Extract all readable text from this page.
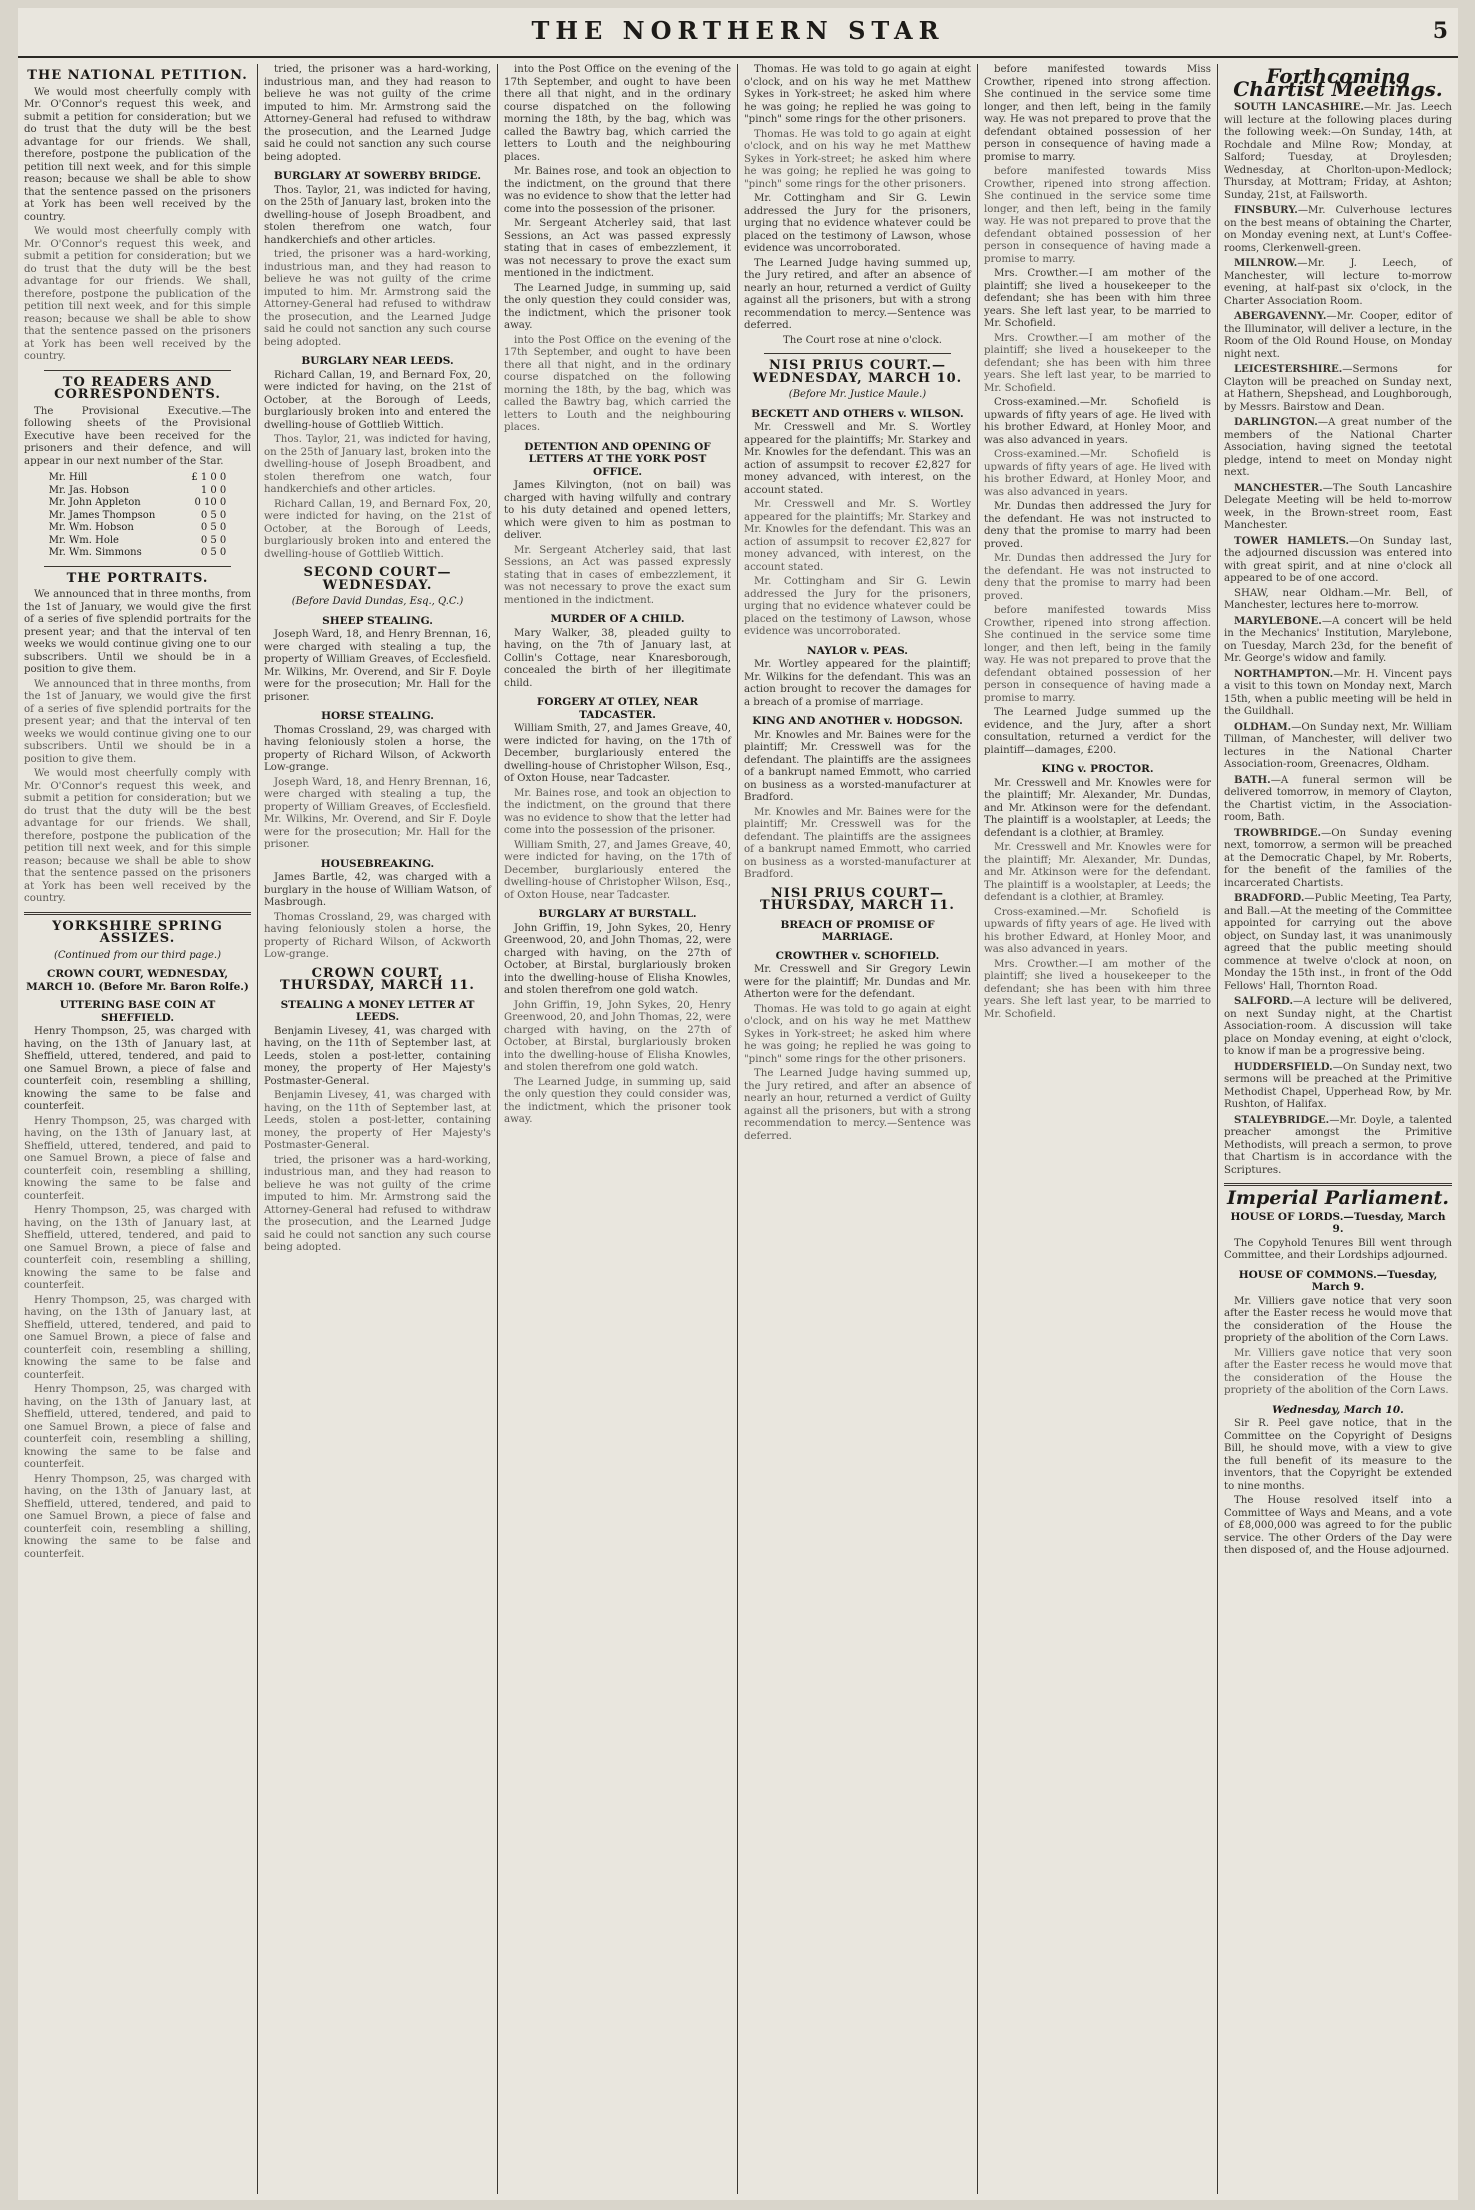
THE NORTHERN STAR	5
THE NATIONAL PETITION.

We would most cheerfully comply with Mr. O'Connor's request this week, and submit a petition for consideration; but we do trust that the duty will be the best advantage for our friends. We shall, therefore, postpone the publication of the petition till next week, and for this simple reason; because we shall be able to show that the sentence passed on the prisoners at York has been well received by the country.

We would most cheerfully comply with Mr. O'Connor's request this week, and submit a petition for consideration; but we do trust that the duty will be the best advantage for our friends. We shall, therefore, postpone the publication of the petition till next week, and for this simple reason; because we shall be able to show that the sentence passed on the prisoners at York has been well received by the country.

TO READERS AND CORRESPONDENTS.

The Provisional Executive.—The following sheets of the Provisional Executive have been received for the prisoners and their defence, and will appear in our next number of the Star.

Mr. Hill	£ 1 0 0
Mr. Jas. Hobson	1 0 0
Mr. John Appleton	0 10 0
Mr. James Thompson	0 5 0
Mr. Wm. Hobson	0 5 0
Mr. Wm. Hole	0 5 0
Mr. Wm. Simmons	0 5 0
THE PORTRAITS.

We announced that in three months, from the 1st of January, we would give the first of a series of five splendid portraits for the present year; and that the interval of ten weeks we would continue giving one to our subscribers. Until we should be in a position to give them.

We announced that in three months, from the 1st of January, we would give the first of a series of five splendid portraits for the present year; and that the interval of ten weeks we would continue giving one to our subscribers. Until we should be in a position to give them.

We would most cheerfully comply with Mr. O'Connor's request this week, and submit a petition for consideration; but we do trust that the duty will be the best advantage for our friends. We shall, therefore, postpone the publication of the petition till next week, and for this simple reason; because we shall be able to show that the sentence passed on the prisoners at York has been well received by the country.

YORKSHIRE SPRING ASSIZES.
(Continued from our third page.)
CROWN COURT, WEDNESDAY, MARCH 10. (Before Mr. Baron Rolfe.)
UTTERING BASE COIN AT SHEFFIELD.

Henry Thompson, 25, was charged with having, on the 13th of January last, at Sheffield, uttered, tendered, and paid to one Samuel Brown, a piece of false and counterfeit coin, resembling a shilling, knowing the same to be false and counterfeit.

Henry Thompson, 25, was charged with having, on the 13th of January last, at Sheffield, uttered, tendered, and paid to one Samuel Brown, a piece of false and counterfeit coin, resembling a shilling, knowing the same to be false and counterfeit.

Henry Thompson, 25, was charged with having, on the 13th of January last, at Sheffield, uttered, tendered, and paid to one Samuel Brown, a piece of false and counterfeit coin, resembling a shilling, knowing the same to be false and counterfeit.

Henry Thompson, 25, was charged with having, on the 13th of January last, at Sheffield, uttered, tendered, and paid to one Samuel Brown, a piece of false and counterfeit coin, resembling a shilling, knowing the same to be false and counterfeit.

Henry Thompson, 25, was charged with having, on the 13th of January last, at Sheffield, uttered, tendered, and paid to one Samuel Brown, a piece of false and counterfeit coin, resembling a shilling, knowing the same to be false and counterfeit.

Henry Thompson, 25, was charged with having, on the 13th of January last, at Sheffield, uttered, tendered, and paid to one Samuel Brown, a piece of false and counterfeit coin, resembling a shilling, knowing the same to be false and counterfeit.

tried, the prisoner was a hard-working, industrious man, and they had reason to believe he was not guilty of the crime imputed to him. Mr. Armstrong said the Attorney-General had refused to withdraw the prosecution, and the Learned Judge said he could not sanction any such course being adopted.

BURGLARY AT SOWERBY BRIDGE.

Thos. Taylor, 21, was indicted for having, on the 25th of January last, broken into the dwelling-house of Joseph Broadbent, and stolen therefrom one watch, four handkerchiefs and other articles.

tried, the prisoner was a hard-working, industrious man, and they had reason to believe he was not guilty of the crime imputed to him. Mr. Armstrong said the Attorney-General had refused to withdraw the prosecution, and the Learned Judge said he could not sanction any such course being adopted.

BURGLARY NEAR LEEDS.

Richard Callan, 19, and Bernard Fox, 20, were indicted for having, on the 21st of October, at the Borough of Leeds, burglariously broken into and entered the dwelling-house of Gottlieb Wittich.

Thos. Taylor, 21, was indicted for having, on the 25th of January last, broken into the dwelling-house of Joseph Broadbent, and stolen therefrom one watch, four handkerchiefs and other articles.

Richard Callan, 19, and Bernard Fox, 20, were indicted for having, on the 21st of October, at the Borough of Leeds, burglariously broken into and entered the dwelling-house of Gottlieb Wittich.

SECOND COURT—WEDNESDAY.
(Before David Dundas, Esq., Q.C.)
SHEEP STEALING.

Joseph Ward, 18, and Henry Brennan, 16, were charged with stealing a tup, the property of William Greaves, of Ecclesfield. Mr. Wilkins, Mr. Overend, and Sir F. Doyle were for the prosecution; Mr. Hall for the prisoner.

HORSE STEALING.

Thomas Crossland, 29, was charged with having feloniously stolen a horse, the property of Richard Wilson, of Ackworth Low-grange.

Joseph Ward, 18, and Henry Brennan, 16, were charged with stealing a tup, the property of William Greaves, of Ecclesfield. Mr. Wilkins, Mr. Overend, and Sir F. Doyle were for the prosecution; Mr. Hall for the prisoner.

HOUSEBREAKING.

James Bartle, 42, was charged with a burglary in the house of William Watson, of Masbrough.

Thomas Crossland, 29, was charged with having feloniously stolen a horse, the property of Richard Wilson, of Ackworth Low-grange.

CROWN COURT, THURSDAY, MARCH 11.
STEALING A MONEY LETTER AT LEEDS.

Benjamin Livesey, 41, was charged with having, on the 11th of September last, at Leeds, stolen a post-letter, containing money, the property of Her Majesty's Postmaster-General.

Benjamin Livesey, 41, was charged with having, on the 11th of September last, at Leeds, stolen a post-letter, containing money, the property of Her Majesty's Postmaster-General.

tried, the prisoner was a hard-working, industrious man, and they had reason to believe he was not guilty of the crime imputed to him. Mr. Armstrong said the Attorney-General had refused to withdraw the prosecution, and the Learned Judge said he could not sanction any such course being adopted.

into the Post Office on the evening of the 17th September, and ought to have been there all that night, and in the ordinary course dispatched on the following morning the 18th, by the bag, which was called the Bawtry bag, which carried the letters to Louth and the neighbouring places.

Mr. Baines rose, and took an objection to the indictment, on the ground that there was no evidence to show that the letter had come into the possession of the prisoner.

Mr. Sergeant Atcherley said, that last Sessions, an Act was passed expressly stating that in cases of embezzlement, it was not necessary to prove the exact sum mentioned in the indictment.

The Learned Judge, in summing up, said the only question they could consider was, the indictment, which the prisoner took away.

into the Post Office on the evening of the 17th September, and ought to have been there all that night, and in the ordinary course dispatched on the following morning the 18th, by the bag, which was called the Bawtry bag, which carried the letters to Louth and the neighbouring places.

DETENTION AND OPENING OF LETTERS AT THE YORK POST OFFICE.

James Kilvington, (not on bail) was charged with having wilfully and contrary to his duty detained and opened letters, which were given to him as postman to deliver.

Mr. Sergeant Atcherley said, that last Sessions, an Act was passed expressly stating that in cases of embezzlement, it was not necessary to prove the exact sum mentioned in the indictment.

MURDER OF A CHILD.

Mary Walker, 38, pleaded guilty to having, on the 7th of January last, at Collin's Cottage, near Knaresborough, concealed the birth of her illegitimate child.

FORGERY AT OTLEY, NEAR TADCASTER.

William Smith, 27, and James Greave, 40, were indicted for having, on the 17th of December, burglariously entered the dwelling-house of Christopher Wilson, Esq., of Oxton House, near Tadcaster.

Mr. Baines rose, and took an objection to the indictment, on the ground that there was no evidence to show that the letter had come into the possession of the prisoner.

William Smith, 27, and James Greave, 40, were indicted for having, on the 17th of December, burglariously entered the dwelling-house of Christopher Wilson, Esq., of Oxton House, near Tadcaster.

BURGLARY AT BURSTALL.

John Griffin, 19, John Sykes, 20, Henry Greenwood, 20, and John Thomas, 22, were charged with having, on the 27th of October, at Birstal, burglariously broken into the dwelling-house of Elisha Knowles, and stolen therefrom one gold watch.

John Griffin, 19, John Sykes, 20, Henry Greenwood, 20, and John Thomas, 22, were charged with having, on the 27th of October, at Birstal, burglariously broken into the dwelling-house of Elisha Knowles, and stolen therefrom one gold watch.

The Learned Judge, in summing up, said the only question they could consider was, the indictment, which the prisoner took away.

Thomas. He was told to go again at eight o'clock, and on his way he met Matthew Sykes in York-street; he asked him where he was going; he replied he was going to "pinch" some rings for the other prisoners.

Thomas. He was told to go again at eight o'clock, and on his way he met Matthew Sykes in York-street; he asked him where he was going; he replied he was going to "pinch" some rings for the other prisoners.

Mr. Cottingham and Sir G. Lewin addressed the Jury for the prisoners, urging that no evidence whatever could be placed on the testimony of Lawson, whose evidence was uncorroborated.

The Learned Judge having summed up, the Jury retired, and after an absence of nearly an hour, returned a verdict of Guilty against all the prisoners, but with a strong recommendation to mercy.—Sentence was deferred.

The Court rose at nine o'clock.

NISI PRIUS COURT.—WEDNESDAY, MARCH 10.
(Before Mr. Justice Maule.)
BECKETT AND OTHERS v. WILSON.

Mr. Cresswell and Mr. S. Wortley appeared for the plaintiffs; Mr. Starkey and Mr. Knowles for the defendant. This was an action of assumpsit to recover £2,827 for money advanced, with interest, on the account stated.

Mr. Cresswell and Mr. S. Wortley appeared for the plaintiffs; Mr. Starkey and Mr. Knowles for the defendant. This was an action of assumpsit to recover £2,827 for money advanced, with interest, on the account stated.

Mr. Cottingham and Sir G. Lewin addressed the Jury for the prisoners, urging that no evidence whatever could be placed on the testimony of Lawson, whose evidence was uncorroborated.

NAYLOR v. PEAS.

Mr. Wortley appeared for the plaintiff; Mr. Wilkins for the defendant. This was an action brought to recover the damages for a breach of a promise of marriage.

KING AND ANOTHER v. HODGSON.

Mr. Knowles and Mr. Baines were for the plaintiff; Mr. Cresswell was for the defendant. The plaintiffs are the assignees of a bankrupt named Emmott, who carried on business as a worsted-manufacturer at Bradford.

Mr. Knowles and Mr. Baines were for the plaintiff; Mr. Cresswell was for the defendant. The plaintiffs are the assignees of a bankrupt named Emmott, who carried on business as a worsted-manufacturer at Bradford.

NISI PRIUS COURT—THURSDAY, MARCH 11.
BREACH OF PROMISE OF MARRIAGE.
CROWTHER v. SCHOFIELD.

Mr. Cresswell and Sir Gregory Lewin were for the plaintiff; Mr. Dundas and Mr. Atherton were for the defendant.

Thomas. He was told to go again at eight o'clock, and on his way he met Matthew Sykes in York-street; he asked him where he was going; he replied he was going to "pinch" some rings for the other prisoners.

The Learned Judge having summed up, the Jury retired, and after an absence of nearly an hour, returned a verdict of Guilty against all the prisoners, but with a strong recommendation to mercy.—Sentence was deferred.

before manifested towards Miss Crowther, ripened into strong affection. She continued in the service some time longer, and then left, being in the family way. He was not prepared to prove that the defendant obtained possession of her person in consequence of having made a promise to marry.

before manifested towards Miss Crowther, ripened into strong affection. She continued in the service some time longer, and then left, being in the family way. He was not prepared to prove that the defendant obtained possession of her person in consequence of having made a promise to marry.

Mrs. Crowther.—I am mother of the plaintiff; she lived a housekeeper to the defendant; she has been with him three years. She left last year, to be married to Mr. Schofield.

Mrs. Crowther.—I am mother of the plaintiff; she lived a housekeeper to the defendant; she has been with him three years. She left last year, to be married to Mr. Schofield.

Cross-examined.—Mr. Schofield is upwards of fifty years of age. He lived with his brother Edward, at Honley Moor, and was also advanced in years.

Cross-examined.—Mr. Schofield is upwards of fifty years of age. He lived with his brother Edward, at Honley Moor, and was also advanced in years.

Mr. Dundas then addressed the Jury for the defendant. He was not instructed to deny that the promise to marry had been proved.

Mr. Dundas then addressed the Jury for the defendant. He was not instructed to deny that the promise to marry had been proved.

before manifested towards Miss Crowther, ripened into strong affection. She continued in the service some time longer, and then left, being in the family way. He was not prepared to prove that the defendant obtained possession of her person in consequence of having made a promise to marry.

The Learned Judge summed up the evidence, and the Jury, after a short consultation, returned a verdict for the plaintiff—damages, £200.

KING v. PROCTOR.

Mr. Cresswell and Mr. Knowles were for the plaintiff; Mr. Alexander, Mr. Dundas, and Mr. Atkinson were for the defendant. The plaintiff is a woolstapler, at Leeds; the defendant is a clothier, at Bramley.

Mr. Cresswell and Mr. Knowles were for the plaintiff; Mr. Alexander, Mr. Dundas, and Mr. Atkinson were for the defendant. The plaintiff is a woolstapler, at Leeds; the defendant is a clothier, at Bramley.

Cross-examined.—Mr. Schofield is upwards of fifty years of age. He lived with his brother Edward, at Honley Moor, and was also advanced in years.

Mrs. Crowther.—I am mother of the plaintiff; she lived a housekeeper to the defendant; she has been with him three years. She left last year, to be married to Mr. Schofield.

Forthcoming Chartist Meetings.

SOUTH LANCASHIRE.—Mr. Jas. Leech will lecture at the following places during the following week:—On Sunday, 14th, at Rochdale and Milne Row; Monday, at Salford; Tuesday, at Droylesden; Wednesday, at Chorlton-upon-Medlock; Thursday, at Mottram; Friday, at Ashton; Sunday, 21st, at Failsworth.

FINSBURY.—Mr. Culverhouse lectures on the best means of obtaining the Charter, on Monday evening next, at Lunt's Coffee-rooms, Clerkenwell-green.

MILNROW.—Mr. J. Leech, of Manchester, will lecture to-morrow evening, at half-past six o'clock, in the Charter Association Room.

ABERGAVENNY.—Mr. Cooper, editor of the Illuminator, will deliver a lecture, in the Room of the Old Round House, on Monday night next.

LEICESTERSHIRE.—Sermons for Clayton will be preached on Sunday next, at Hathern, Shepshead, and Loughborough, by Messrs. Bairstow and Dean.

DARLINGTON.—A great number of the members of the National Charter Association, having signed the teetotal pledge, intend to meet on Monday night next.

MANCHESTER.—The South Lancashire Delegate Meeting will be held to-morrow week, in the Brown-street room, East Manchester.

TOWER HAMLETS.—On Sunday last, the adjourned discussion was entered into with great spirit, and at nine o'clock all appeared to be of one accord.

SHAW, near Oldham.—Mr. Bell, of Manchester, lectures here to-morrow.

MARYLEBONE.—A concert will be held in the Mechanics' Institution, Marylebone, on Tuesday, March 23d, for the benefit of Mr. George's widow and family.

NORTHAMPTON.—Mr. H. Vincent pays a visit to this town on Monday next, March 15th, when a public meeting will be held in the Guildhall.

OLDHAM.—On Sunday next, Mr. William Tillman, of Manchester, will deliver two lectures in the National Charter Association-room, Greenacres, Oldham.

BATH.—A funeral sermon will be delivered tomorrow, in memory of Clayton, the Chartist victim, in the Association-room, Bath.

TROWBRIDGE.—On Sunday evening next, tomorrow, a sermon will be preached at the Democratic Chapel, by Mr. Roberts, for the benefit of the families of the incarcerated Chartists.

BRADFORD.—Public Meeting, Tea Party, and Ball.—At the meeting of the Committee appointed for carrying out the above object, on Sunday last, it was unanimously agreed that the public meeting should commence at twelve o'clock at noon, on Monday the 15th inst., in front of the Odd Fellows' Hall, Thornton Road.

SALFORD.—A lecture will be delivered, on next Sunday night, at the Chartist Association-room. A discussion will take place on Monday evening, at eight o'clock, to know if man be a progressive being.

HUDDERSFIELD.—On Sunday next, two sermons will be preached at the Primitive Methodist Chapel, Upperhead Row, by Mr. Rushton, of Halifax.

STALEYBRIDGE.—Mr. Doyle, a talented preacher amongst the Primitive Methodists, will preach a sermon, to prove that Chartism is in accordance with the Scriptures.

Imperial Parliament.
HOUSE OF LORDS.—Tuesday, March 9.

The Copyhold Tenures Bill went through Committee, and their Lordships adjourned.

HOUSE OF COMMONS.—Tuesday, March 9.

Mr. Villiers gave notice that very soon after the Easter recess he would move that the consideration of the House the propriety of the abolition of the Corn Laws.

Mr. Villiers gave notice that very soon after the Easter recess he would move that the consideration of the House the propriety of the abolition of the Corn Laws.

Wednesday, March 10.

Sir R. Peel gave notice, that in the Committee on the Copyright of Designs Bill, he should move, with a view to give the full benefit of its measure to the inventors, that the Copyright be extended to nine months.

The House resolved itself into a Committee of Ways and Means, and a vote of £8,000,000 was agreed to for the public service. The other Orders of the Day were then disposed of, and the House adjourned.
